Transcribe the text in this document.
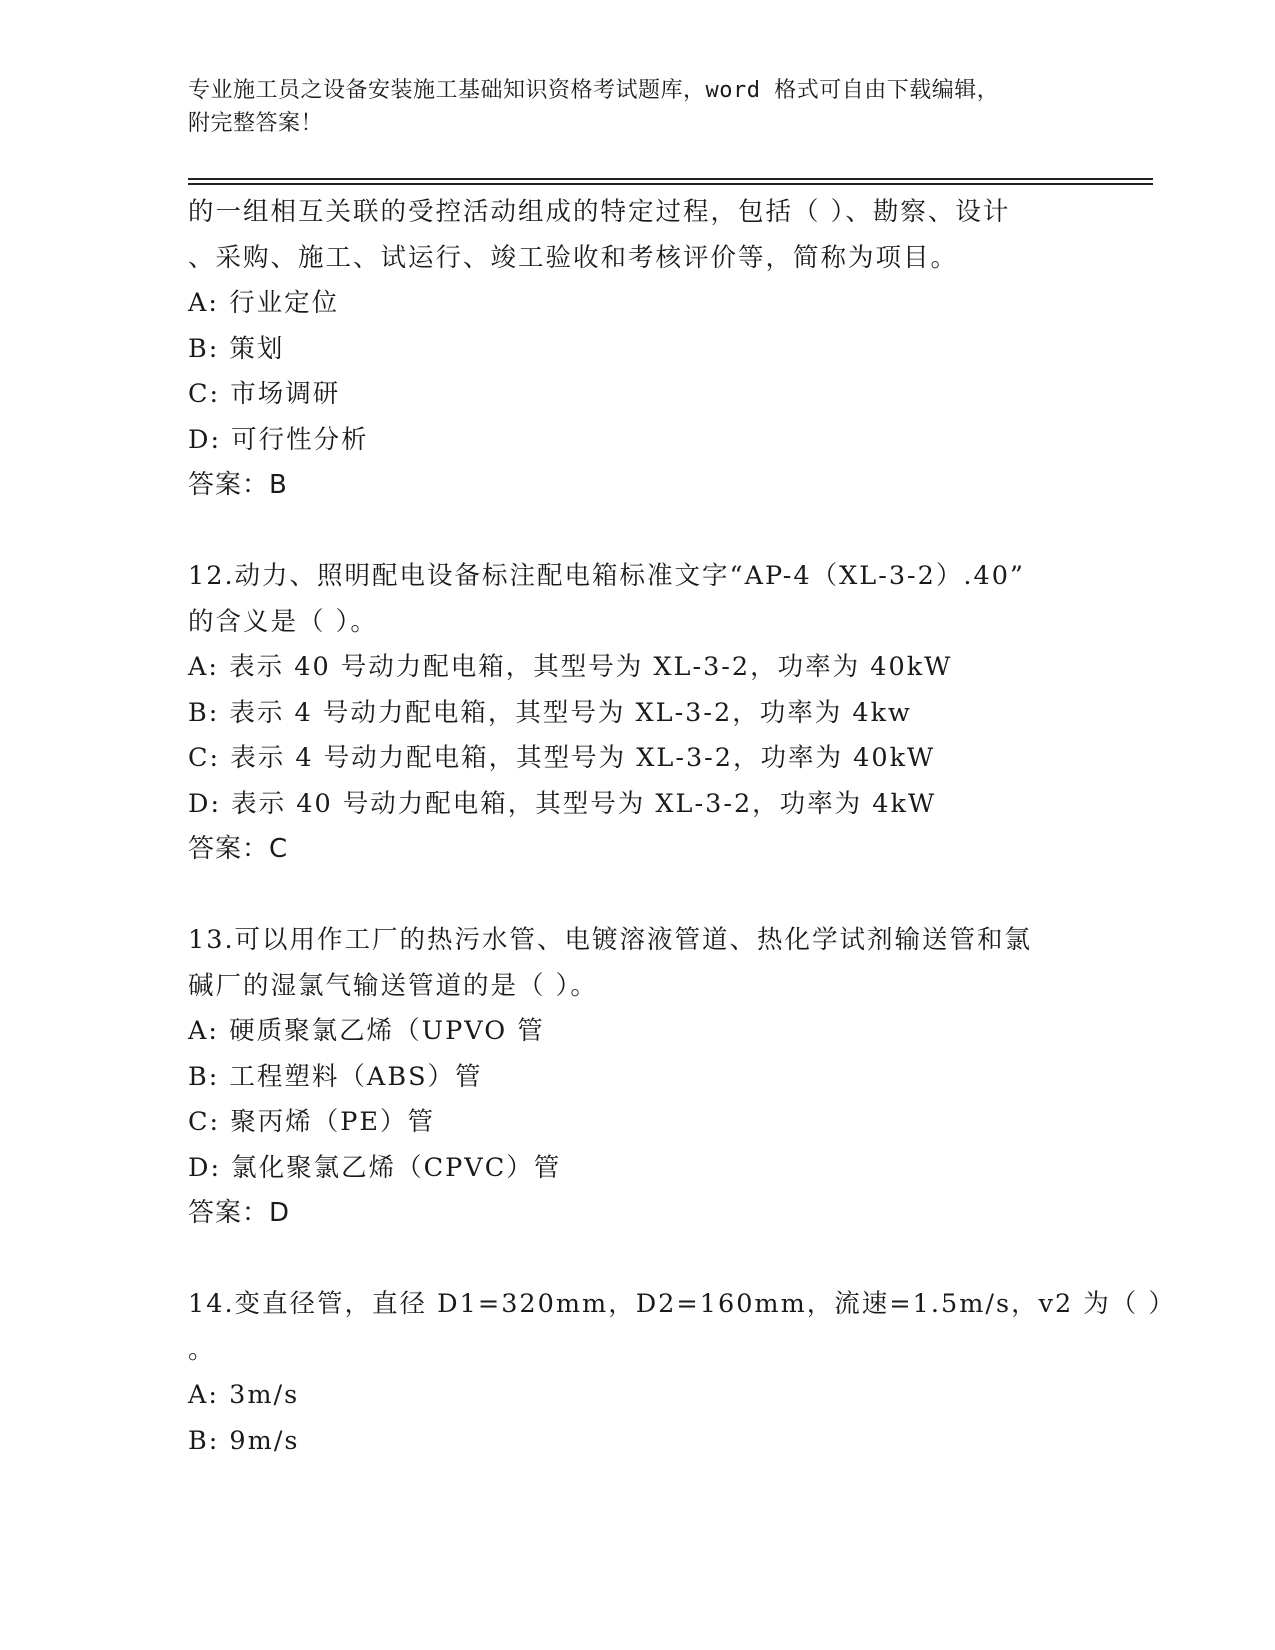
专业施工员之设备安装施工基础知识资格考试题库，word 格式可自由下载编辑，
附完整答案！
的一组相互关联的受控活动组成的特定过程，包括（ ）、勘察、设计
、采购、施工、试运行、竣工验收和考核评价等，简称为项目。
A: 行业定位
B: 策划
C: 市场调研
D: 可行性分析
答案：B
12.动力、照明配电设备标注配电箱标准文字“AP-4（XL-3-2）.40”
的含义是（ ）。
A: 表示 40 号动力配电箱，其型号为 XL-3-2，功率为 40kW
B: 表示 4 号动力配电箱，其型号为 XL-3-2，功率为 4kw
C: 表示 4 号动力配电箱，其型号为 XL-3-2，功率为 40kW
D: 表示 40 号动力配电箱，其型号为 XL-3-2，功率为 4kW
答案：C
13.可以用作工厂的热污水管、电镀溶液管道、热化学试剂输送管和氯
碱厂的湿氯气输送管道的是（ ）。
A: 硬质聚氯乙烯（UPVO 管
B: 工程塑料（ABS）管
C: 聚丙烯（PE）管
D: 氯化聚氯乙烯（CPVC）管
答案：D
14.变直径管，直径 D1=320mm，D2=160mm，流速=1.5m/s，v2 为（ ）
。
A: 3m/s
B: 9m/s
